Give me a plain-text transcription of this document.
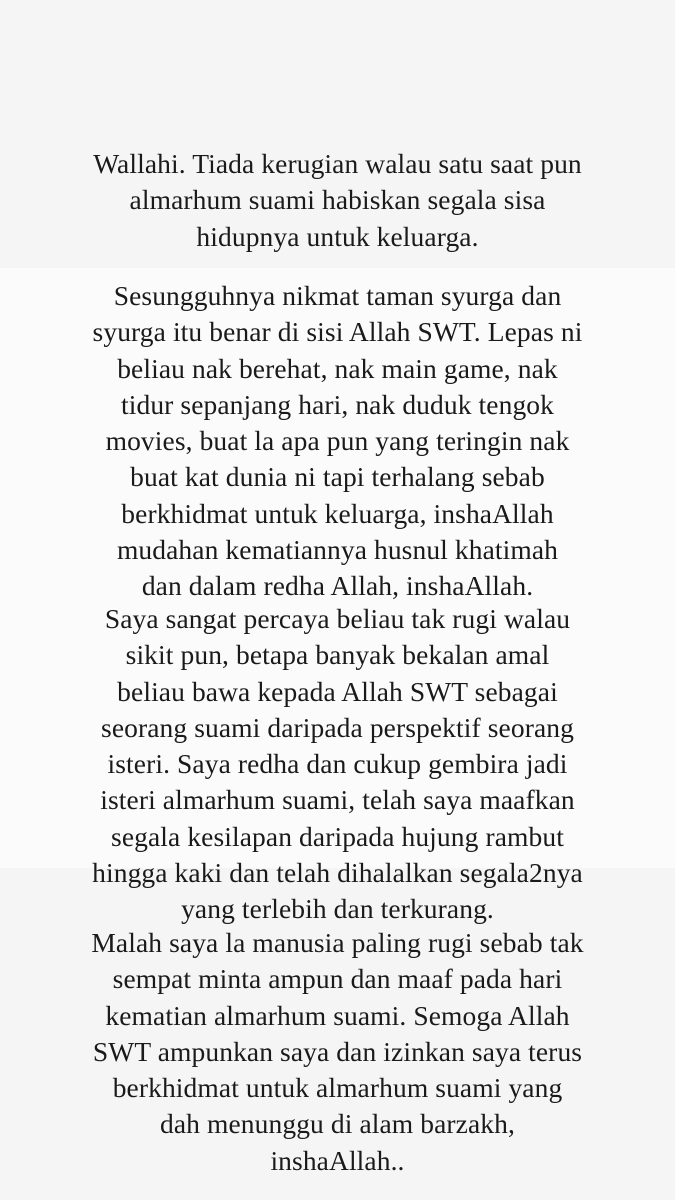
Wallahi. Tiada kerugian walau satu saat pun
almarhum suami habiskan segala sisa
hidupnya untuk keluarga.
Sesungguhnya nikmat taman syurga dan
syurga itu benar di sisi Allah SWT. Lepas ni
beliau nak berehat, nak main game, nak
tidur sepanjang hari, nak duduk tengok
movies, buat la apa pun yang teringin nak
buat kat dunia ni tapi terhalang sebab
berkhidmat untuk keluarga, inshaAllah
mudahan kematiannya husnul khatimah
dan dalam redha Allah, inshaAllah.
Saya sangat percaya beliau tak rugi walau
sikit pun, betapa banyak bekalan amal
beliau bawa kepada Allah SWT sebagai
seorang suami daripada perspektif seorang
isteri. Saya redha dan cukup gembira jadi
isteri almarhum suami, telah saya maafkan
segala kesilapan daripada hujung rambut
hingga kaki dan telah dihalalkan segala2nya
yang terlebih dan terkurang.
Malah saya la manusia paling rugi sebab tak
sempat minta ampun dan maaf pada hari
kematian almarhum suami. Semoga Allah
SWT ampunkan saya dan izinkan saya terus
berkhidmat untuk almarhum suami yang
dah menunggu di alam barzakh,
inshaAllah..
